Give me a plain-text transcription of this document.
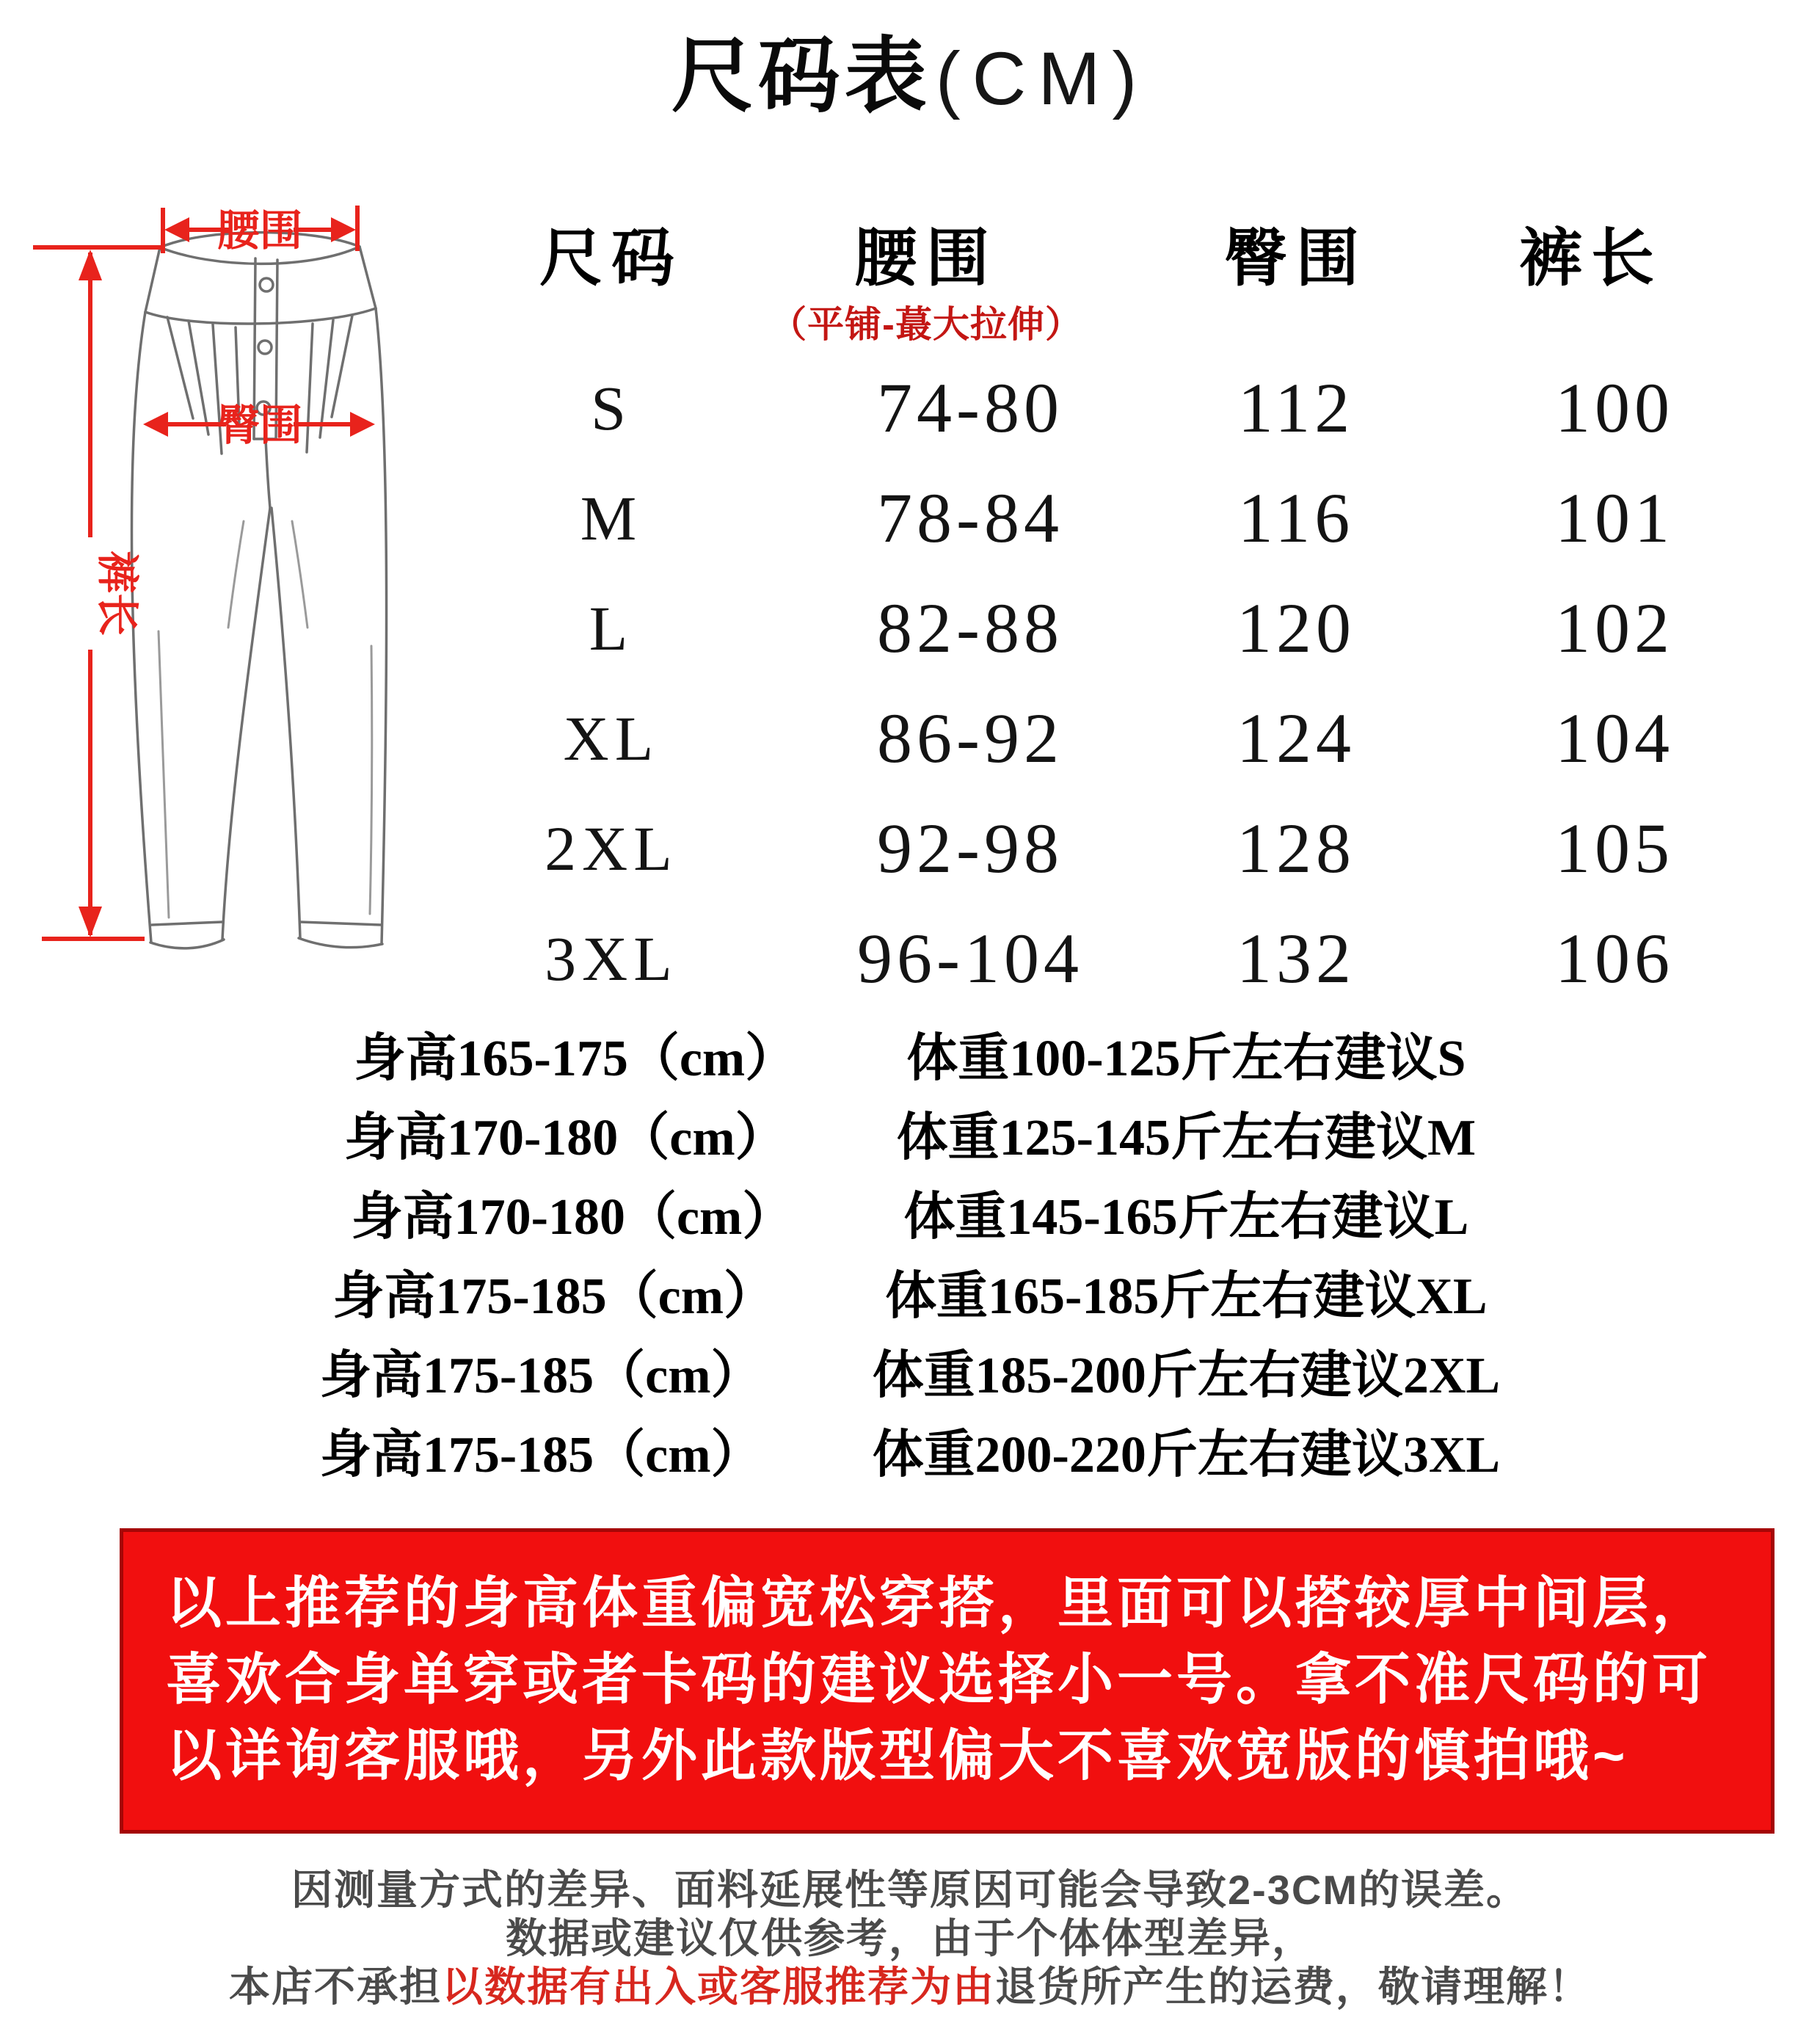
尺码表(CM)
腰围
臀围
裤长
尺码	腰围	臀围	裤长
（平铺-蕞大拉伸）
S	74-80	112	100
M	78-84	116	101
L	82-88	120	102
XL	86-92	124	104
2XL	92-98	128	105
3XL	96-104	132	106
身高165-175（cm） 体重100-125斤左右建议S
身高170-180（cm） 体重125-145斤左右建议M
身高170-180（cm） 体重145-165斤左右建议L
身高175-185（cm） 体重165-185斤左右建议XL
身高175-185（cm） 体重185-200斤左右建议2XL
身高175-185（cm） 体重200-220斤左右建议3XL
以上推荐的身高体重偏宽松穿搭，里面可以搭较厚中间层，
喜欢合身单穿或者卡码的建议选择小一号。拿不准尺码的可
以详询客服哦，另外此款版型偏大不喜欢宽版的慎拍哦~
因测量方式的差异、面料延展性等原因可能会导致2-3CM的误差。
数据或建议仅供参考，由于个体体型差异，
本店不承担以数据有出入或客服推荐为由退货所产生的运费，敬请理解！
